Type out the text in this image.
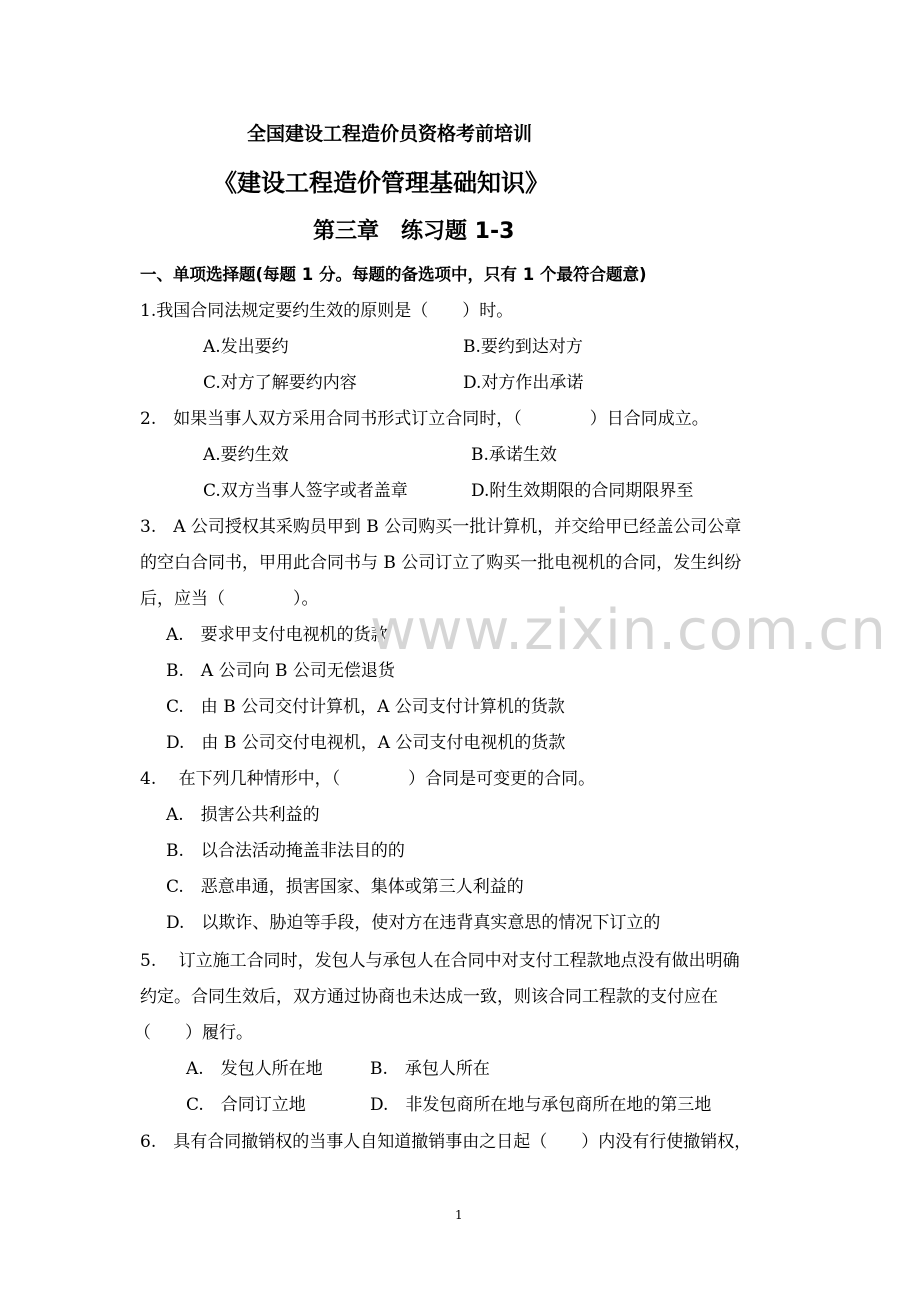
全国建设工程造价员资格考前培训
《建设工程造价管理基础知识》
第三章　练习题 1-3
一、单项选择题(每题 1 分。每题的备选项中，只有 1 个最符合题意)
1.我国合同法规定要约生效的原则是（　　）时。
A.发出要约	B.要约到达对方
C.对方了解要约内容	D.对方作出承诺
2.　如果当事人双方采用合同书形式订立合同时，（　　　　）日合同成立。
A.要约生效	B.承诺生效
C.双方当事人签字或者盖章	D.附生效期限的合同期限界至
3.　A 公司授权其采购员甲到 B 公司购买一批计算机，并交给甲已经盖公司公章
的空白合同书，甲用此合同书与 B 公司订立了购买一批电视机的合同，发生纠纷
后，应当（　　　　）。
A.　要求甲支付电视机的货款
B.　A 公司向 B 公司无偿退货
C.　由 B 公司交付计算机，A 公司支付计算机的货款
D.　由 B 公司交付电视机，A 公司支付电视机的货款
4.　 在下列几种情形中，（　　　　）合同是可变更的合同。
A.　损害公共利益的
B.　以合法活动掩盖非法目的的
C.　恶意串通，损害国家、集体或第三人利益的
D.　以欺诈、胁迫等手段，使对方在违背真实意思的情况下订立的
5.　 订立施工合同时，发包人与承包人在合同中对支付工程款地点没有做出明确
约定。合同生效后，双方通过协商也未达成一致，则该合同工程款的支付应在
（　　）履行。
A.　发包人所在地	B.　承包人所在
C.　合同订立地	D.　非发包商所在地与承包商所在地的第三地
6.　具有合同撤销权的当事人自知道撤销事由之日起（　　）内没有行使撤销权，
www.zixin.com.cn
1
